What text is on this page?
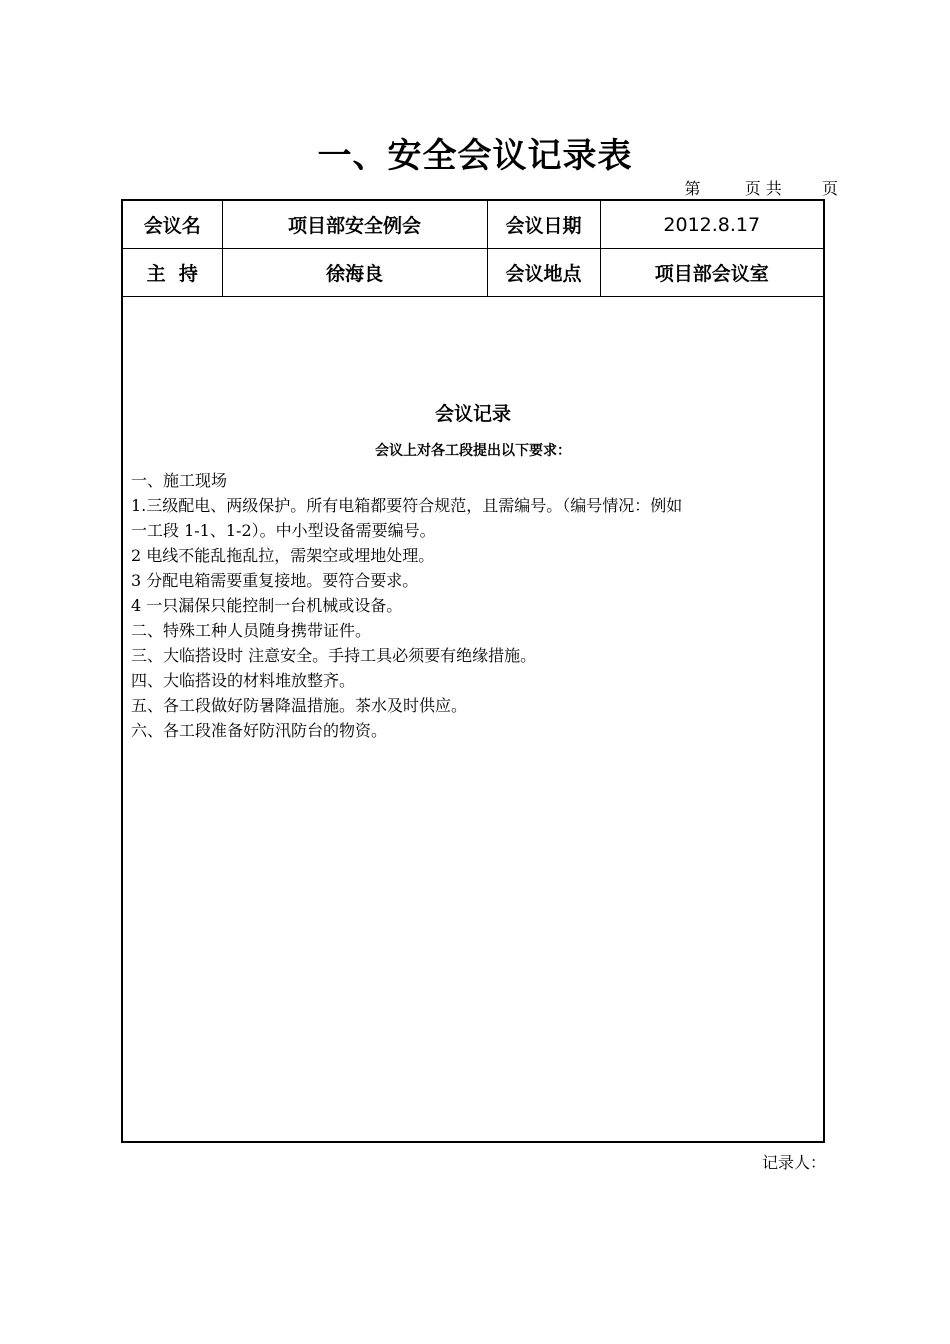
一、安全会议记录表
第	页 共	页
会议名	项目部安全例会	会议日期	2012.8.17
主  持	徐海良	会议地点	项目部会议室
会议记录
会议上对各工段提出以下要求：
一、施工现场
1.三级配电、两级保护。所有电箱都要符合规范，且需编号。（编号情况：例如
一工段 1-1、1-2）。中小型设备需要编号。
2 电线不能乱拖乱拉，需架空或埋地处理。
3 分配电箱需要重复接地。要符合要求。
4 一只漏保只能控制一台机械或设备。
二、特殊工种人员随身携带证件。
三、大临搭设时 注意安全。手持工具必须要有绝缘措施。
四、大临搭设的材料堆放整齐。
五、各工段做好防暑降温措施。茶水及时供应。
六、各工段准备好防汛防台的物资。
记录人：
